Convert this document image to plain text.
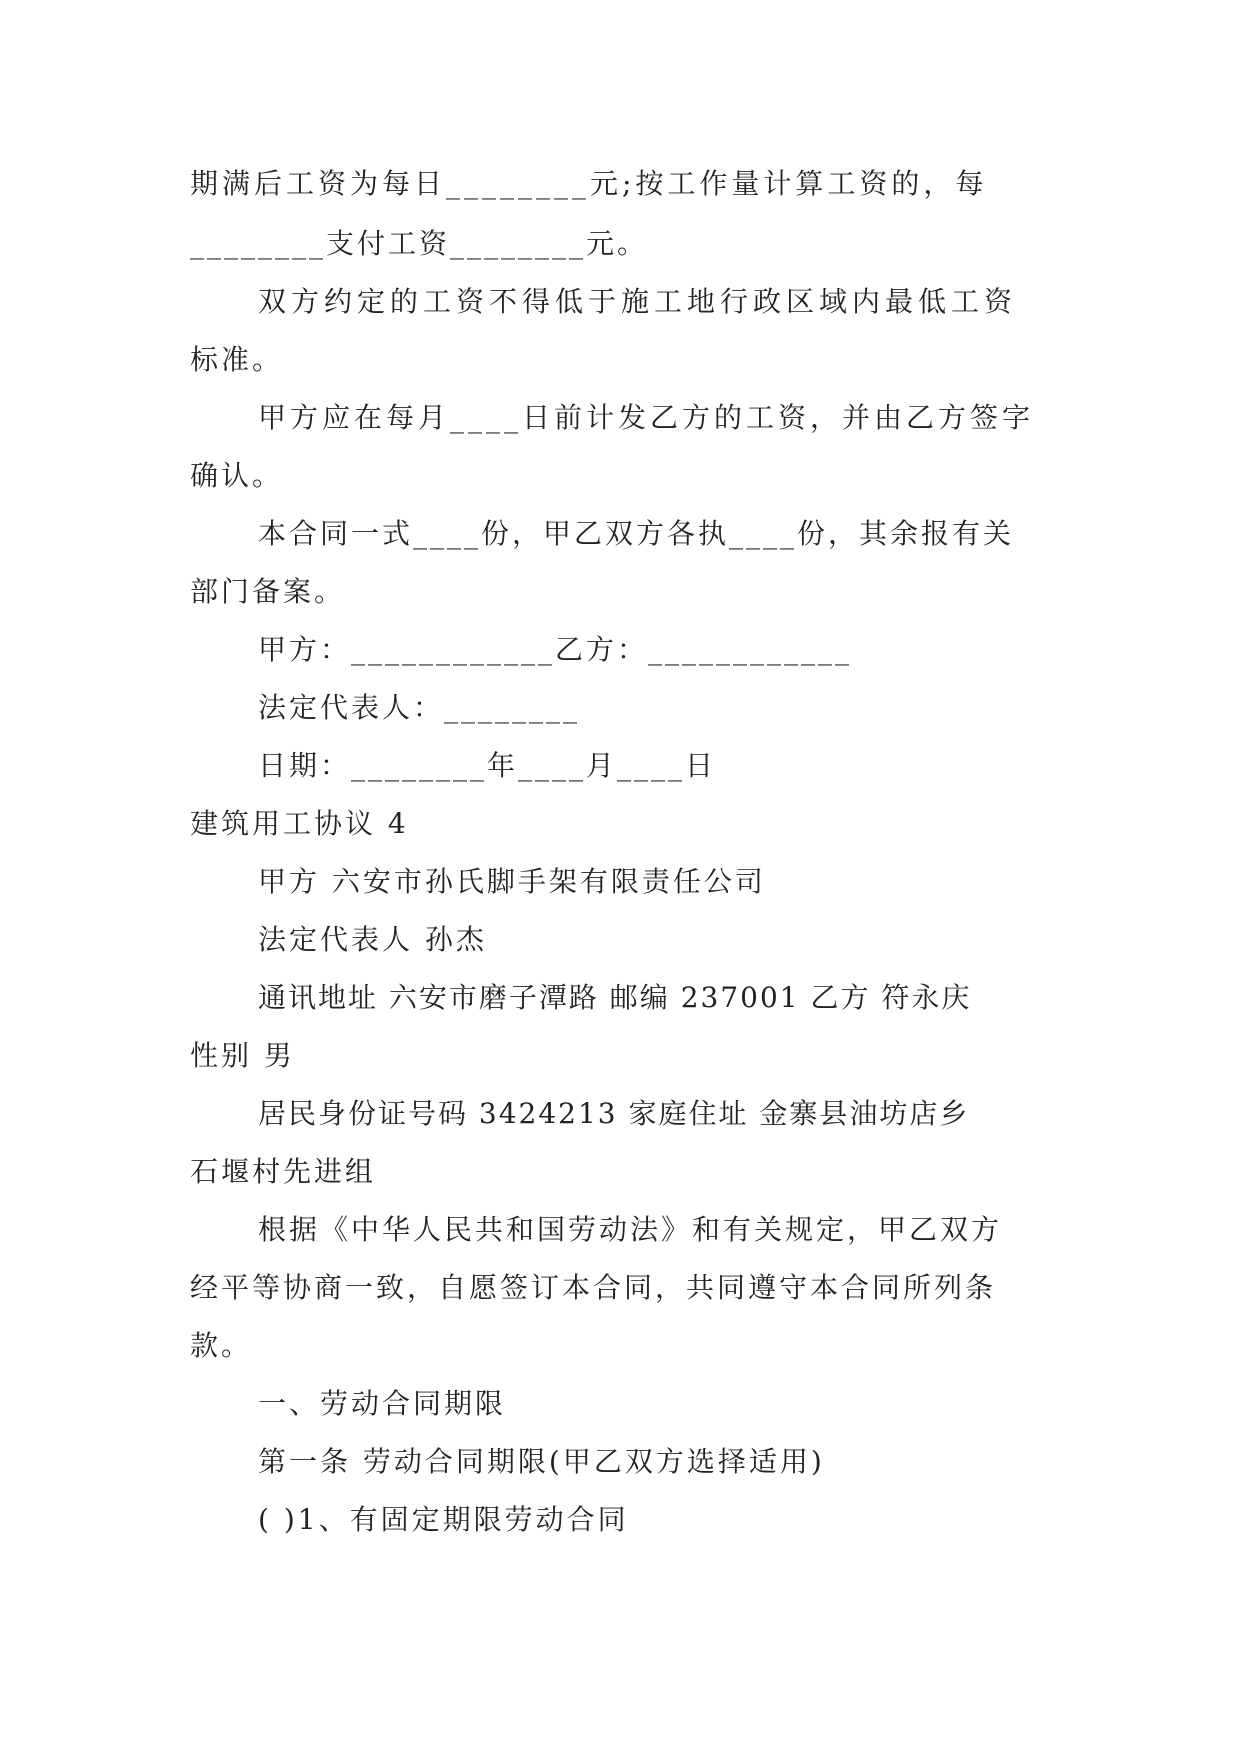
期满后工资为每日________元;按工作量计算工资的，每
________支付工资________元。
双方约定的工资不得低于施工地行政区域内最低工资
标准。
甲方应在每月____日前计发乙方的工资，并由乙方签字
确认。
本合同一式____份，甲乙双方各执____份，其余报有关
部门备案。
甲方：____________乙方：____________
法定代表人：________
日期：________年____月____日
建筑用工协议 4
甲方 六安市孙氏脚手架有限责任公司
法定代表人 孙杰
通讯地址 六安市磨子潭路 邮编 237001 乙方 符永庆
性别 男
居民身份证号码 3424213 家庭住址 金寨县油坊店乡
石堰村先进组
根据《中华人民共和国劳动法》和有关规定，甲乙双方
经平等协商一致，自愿签订本合同，共同遵守本合同所列条
款。
一、劳动合同期限
第一条 劳动合同期限(甲乙双方选择适用)
( )1、有固定期限劳动合同
